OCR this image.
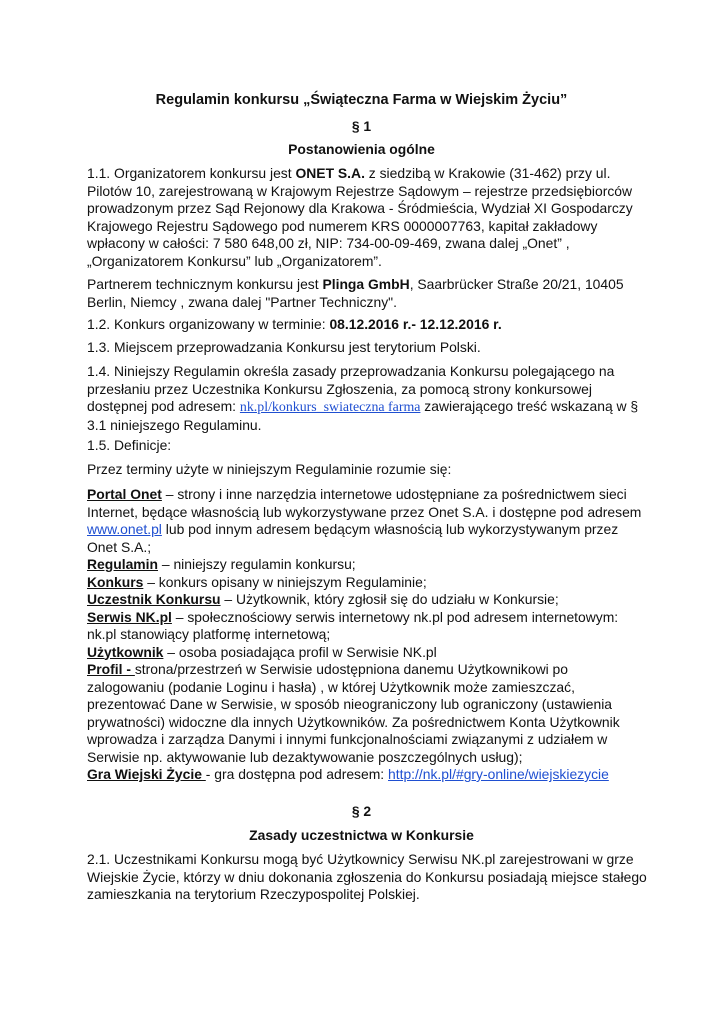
Regulamin konkursu „Świąteczna Farma w Wiejskim Życiu”
§ 1
Postanowienia ogólne
1.1. Organizatorem konkursu jest ONET S.A. z siedzibą w Krakowie (31-462) przy ul. Pilotów 10, zarejestrowaną w Krajowym Rejestrze Sądowym – rejestrze przedsiębiorców prowadzonym przez Sąd Rejonowy dla Krakowa - Śródmieścia, Wydział XI Gospodarczy Krajowego Rejestru Sądowego pod numerem KRS 0000007763, kapitał zakładowy wpłacony w całości: 7 580 648,00 zł, NIP: 734-00-09-469, zwana dalej „Onet” , „Organizatorem Konkursu” lub „Organizatorem”.
Partnerem technicznym konkursu jest Plinga GmbH, Saarbrücker Straße 20/21, 10405 Berlin, Niemcy , zwana dalej "Partner Techniczny".
1.2. Konkurs organizowany w terminie: 08.12.2016 r.- 12.12.2016 r.
1.3. Miejscem przeprowadzania Konkursu jest terytorium Polski.
1.4. Niniejszy Regulamin określa zasady przeprowadzania Konkursu polegającego na przesłaniu przez Uczestnika Konkursu Zgłoszenia, za pomocą strony konkursowej dostępnej pod adresem: nk.pl/konkurs_swiateczna farma zawierającego treść wskazaną w § 3.1 niniejszego Regulaminu.
1.5. Definicje:
Przez terminy użyte w niniejszym Regulaminie rozumie się:
Portal Onet – strony i inne narzędzia internetowe udostępniane za pośrednictwem sieci Internet, będące własnością lub wykorzystywane przez Onet S.A. i dostępne pod adresem www.onet.pl lub pod innym adresem będącym własnością lub wykorzystywanym przez Onet S.A.;
Regulamin – niniejszy regulamin konkursu;
Konkurs – konkurs opisany w niniejszym Regulaminie;
Uczestnik Konkursu – Użytkownik, który zgłosił się do udziału w Konkursie;
Serwis NK.pl – społecznościowy serwis internetowy nk.pl pod adresem internetowym: nk.pl stanowiący platformę internetową;
Użytkownik – osoba posiadająca profil w Serwisie NK.pl
Profil - strona/przestrzeń w Serwisie udostępniona danemu Użytkownikowi po zalogowaniu (podanie Loginu i hasła) , w której Użytkownik może zamieszczać, prezentować Dane w Serwisie, w sposób nieograniczony lub ograniczony (ustawienia prywatności) widoczne dla innych Użytkowników. Za pośrednictwem Konta Użytkownik wprowadza i zarządza Danymi i innymi funkcjonalnościami związanymi z udziałem w Serwisie np. aktywowanie lub dezaktywowanie poszczególnych usług);
Gra Wiejski Życie - gra dostępna pod adresem: http://nk.pl/#gry-online/wiejskiezycie
§ 2
Zasady uczestnictwa w Konkursie
2.1. Uczestnikami Konkursu mogą być Użytkownicy Serwisu NK.pl zarejestrowani w grze Wiejskie Życie, którzy w dniu dokonania zgłoszenia do Konkursu posiadają miejsce stałego zamieszkania na terytorium Rzeczypospolitej Polskiej.
